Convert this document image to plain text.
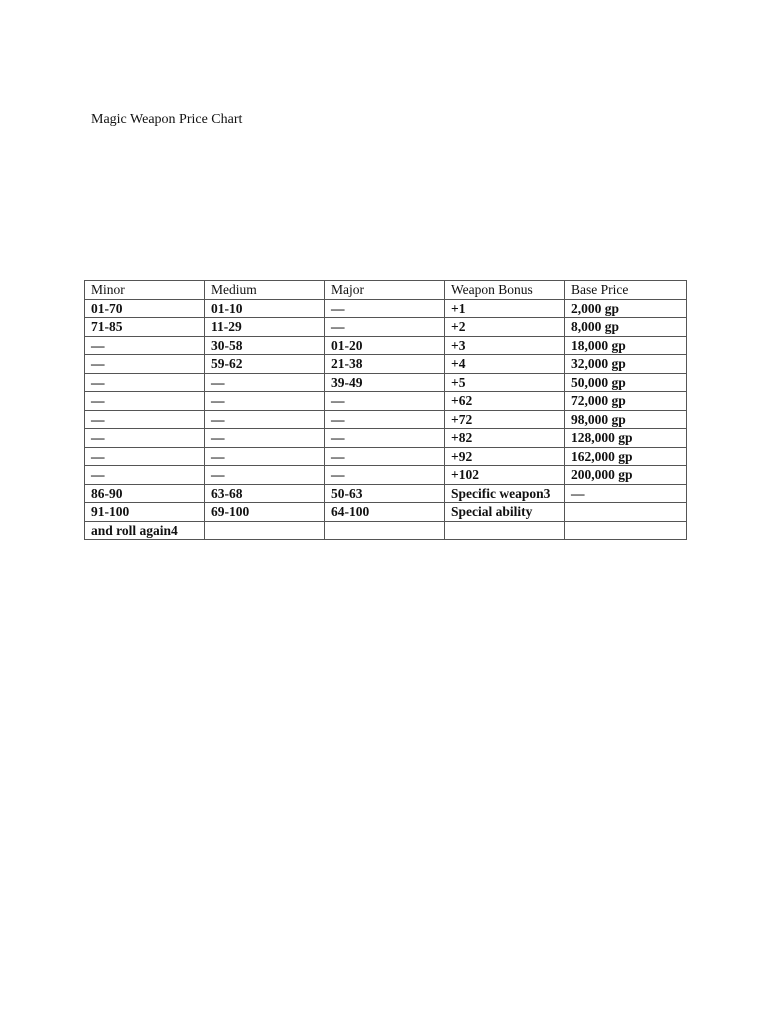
Magic Weapon Price Chart

Minor	Medium	Major	Weapon Bonus	Base Price
01-70	01-10	—	+1	2,000 gp
71-85	11-29	—	+2	8,000 gp
—	30-58	01-20	+3	18,000 gp
—	59-62	21-38	+4	32,000 gp
—	—	39-49	+5	50,000 gp
—	—	—	+62	72,000 gp
—	—	—	+72	98,000 gp
—	—	—	+82	128,000 gp
—	—	—	+92	162,000 gp
—	—	—	+102	200,000 gp
86-90	63-68	50-63	Specific weapon3	—
91-100	69-100	64-100	Special ability	
and roll again4				
